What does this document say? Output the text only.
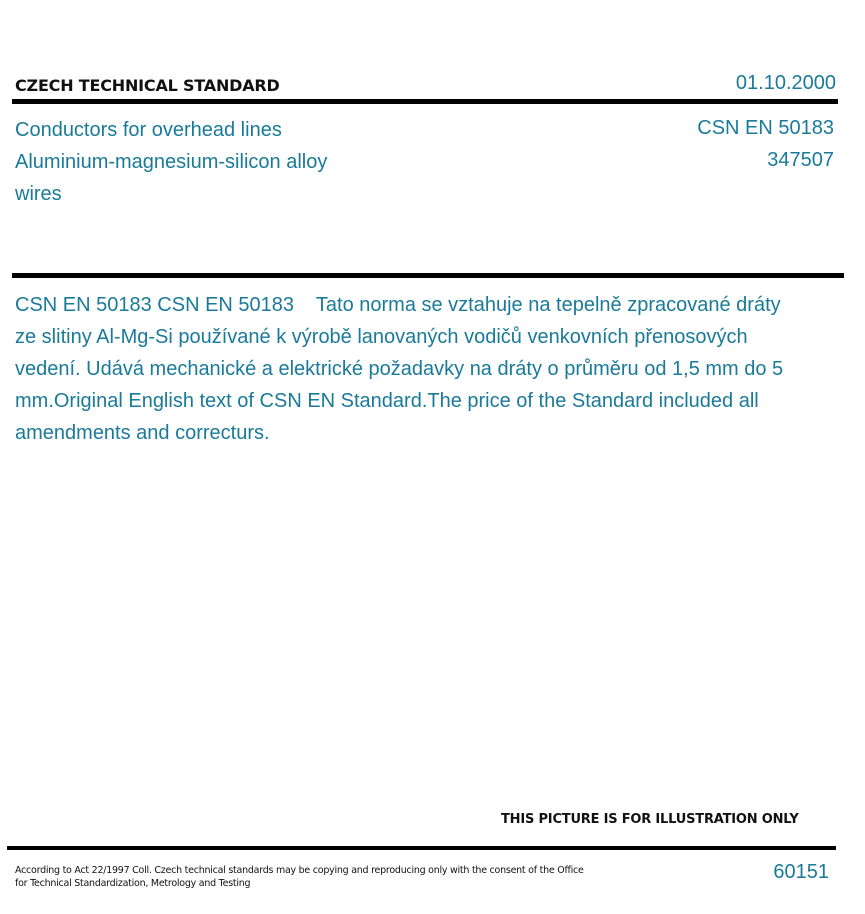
CZECH TECHNICAL STANDARD	01.10.2000
Conductors for overhead lines Aluminium-magnesium-silicon alloy wires
CSN EN 50183
347507
CSN EN 50183 CSN EN 50183    Tato norma se vztahuje na tepelně zpracované dráty ze slitiny Al-Mg-Si používané k výrobě lanovaných vodičů venkovních přenosových vedení. Udává mechanické a elektrické požadavky na dráty o průměru od 1,5 mm do 5 mm.Original English text of CSN EN Standard.The price of the Standard included all amendments and correcturs.
THIS PICTURE IS FOR ILLUSTRATION ONLY
According to Act 22/1997 Coll. Czech technical standards may be copying and reproducing only with the consent of the Office for Technical Standardization, Metrology and Testing
60151
